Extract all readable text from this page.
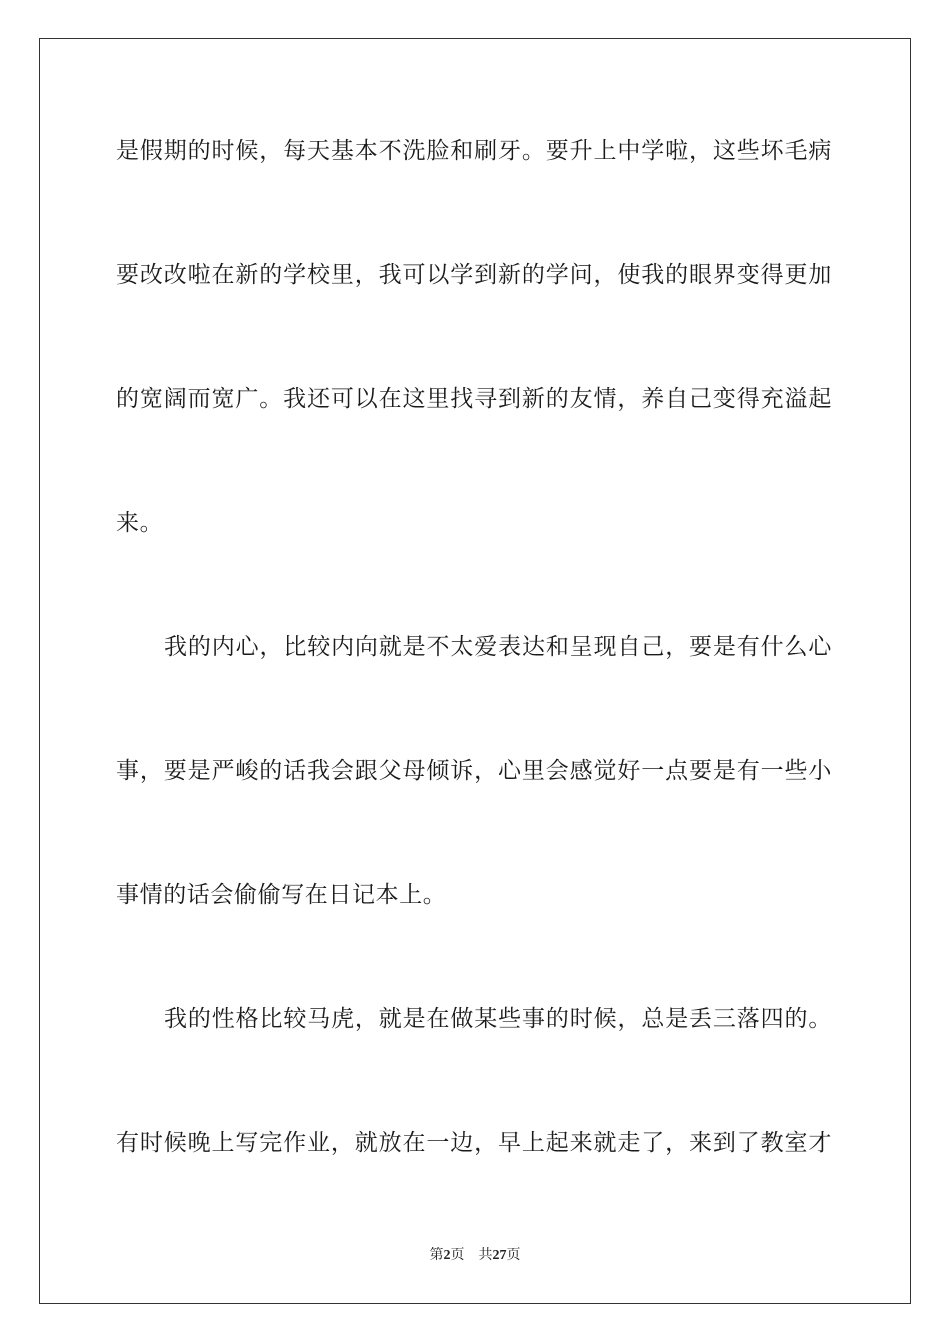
是假期的时候，每天基本不洗脸和刷牙。要升上中学啦，这些坏毛病
要改改啦在新的学校里，我可以学到新的学问，使我的眼界变得更加
的宽阔而宽广。我还可以在这里找寻到新的友情，养自己变得充溢起
来。
我的内心，比较内向就是不太爱表达和呈现自己，要是有什么心
事，要是严峻的话我会跟父母倾诉，心里会感觉好一点要是有一些小
事情的话会偷偷写在日记本上。
我的性格比较马虎，就是在做某些事的时候，总是丢三落四的。
有时候晚上写完作业，就放在一边，早上起来就走了，来到了教室才
第2页 共27页
